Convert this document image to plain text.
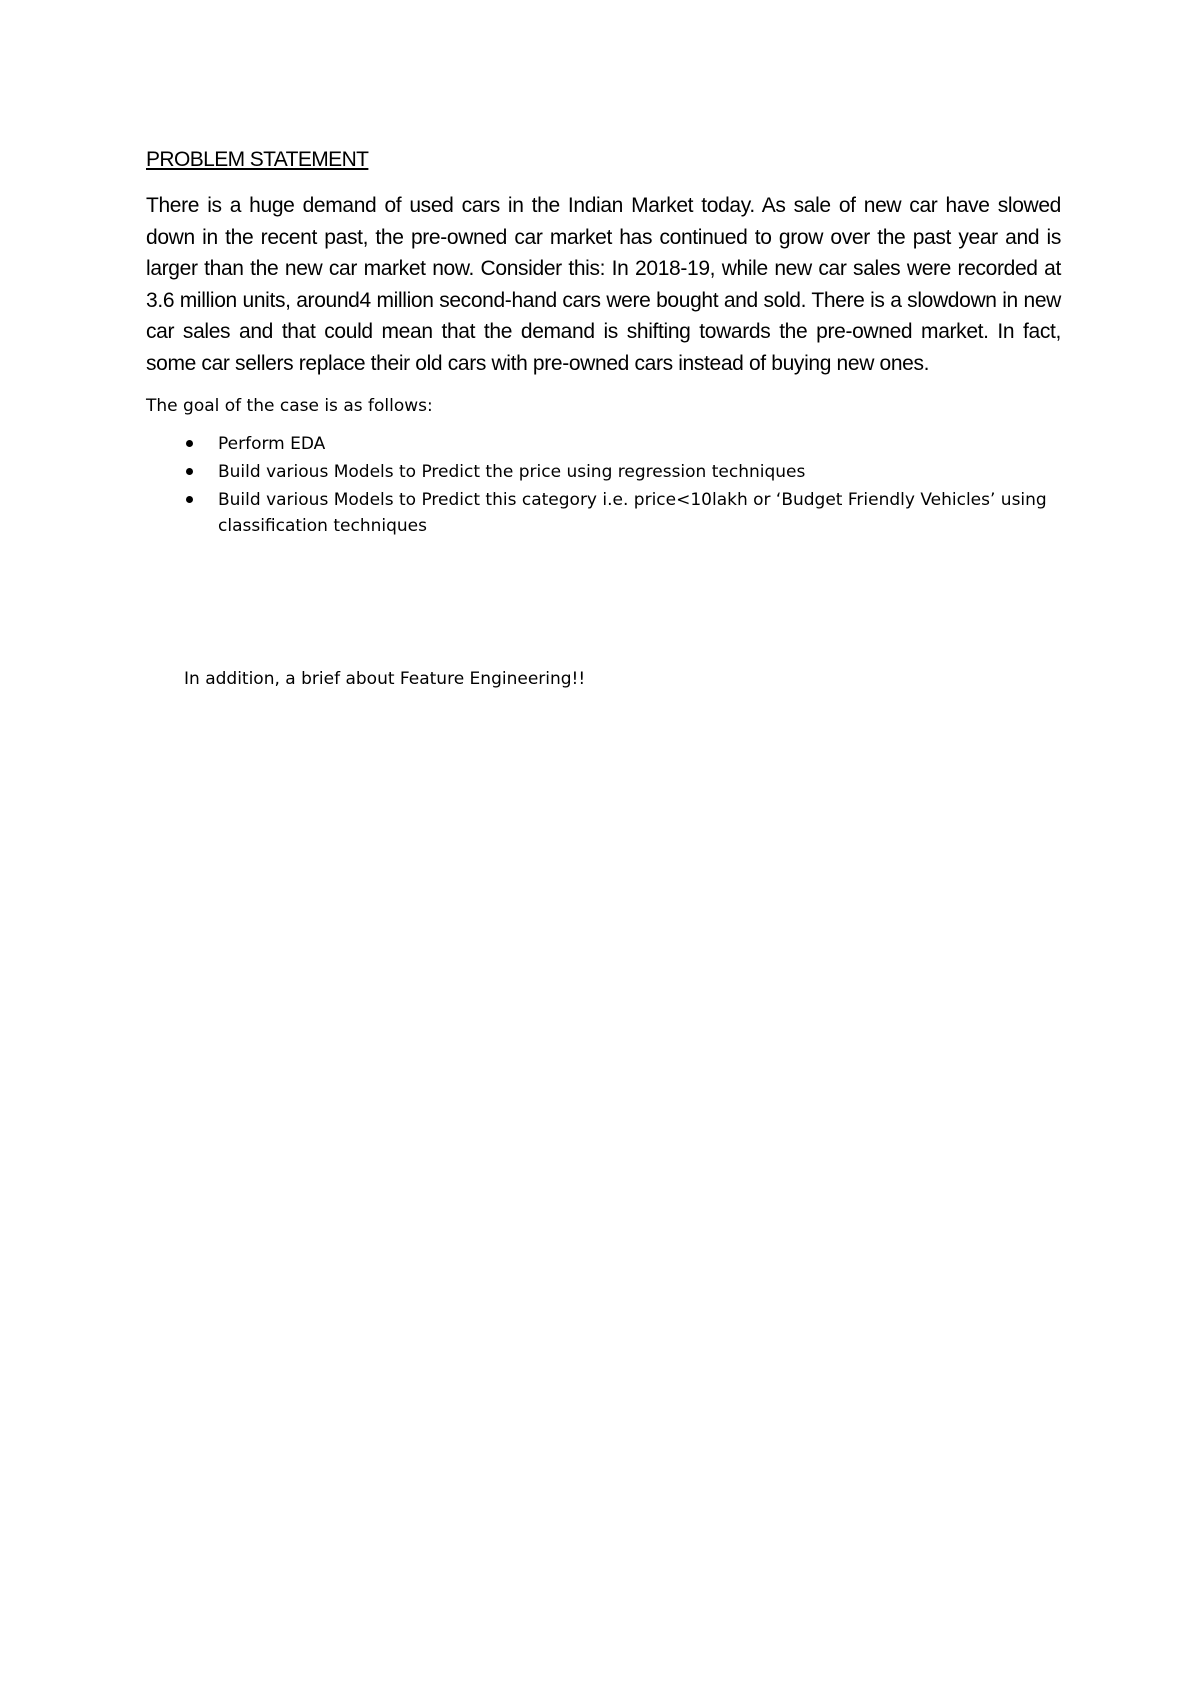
PROBLEM STATEMENT

There is a huge demand of used cars in the Indian Market today. As sale of new car have slowed down in the recent past, the pre-owned car market has continued to grow over the past year and is larger than the new car market now. Consider this: In 2018-19, while new car sales were recorded at 3.6 million units, around4 million second-hand cars were bought and sold. There is a slowdown in new car sales and that could mean that the demand is shifting towards the pre-owned market. In fact, some car sellers replace their old cars with pre-owned cars instead of buying new ones.

The goal of the case is as follows:

Perform EDA
Build various Models to Predict the price using regression techniques
Build various Models to Predict this category i.e. price<10lakh or ‘Budget Friendly Vehicles’ using classification techniques

In addition, a brief about Feature Engineering!!
